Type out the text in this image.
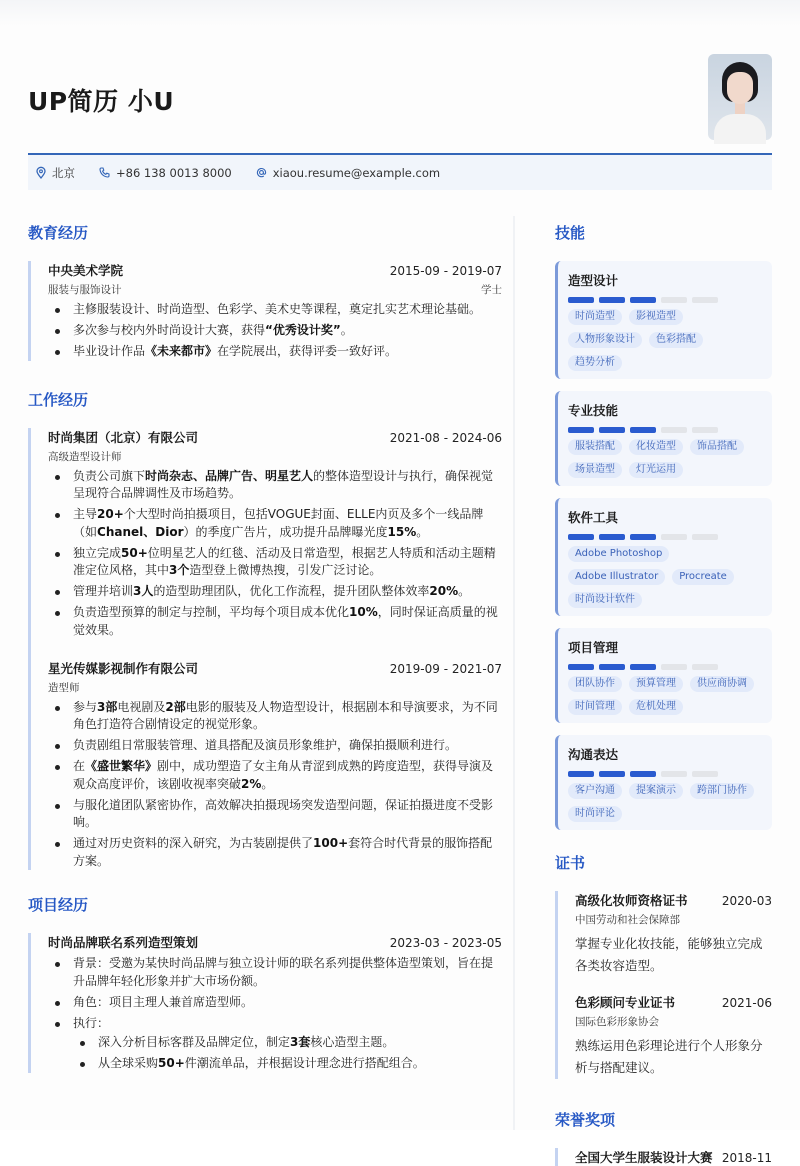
UP简历 小U
北京	+86 138 0013 8000	xiaou.resume@example.com
教育经历
中央美术学院	2015-09 - 2019-07
服装与服饰设计	学士
主修服装设计、时尚造型、色彩学、美术史等课程，奠定扎实艺术理论基础。
多次参与校内外时尚设计大赛，获得“优秀设计奖”。
毕业设计作品《未来都市》在学院展出，获得评委一致好评。
工作经历
时尚集团（北京）有限公司	2021-08 - 2024-06
高级造型设计师
负责公司旗下时尚杂志、品牌广告、明星艺人的整体造型设计与执行，确保视觉呈现符合品牌调性及市场趋势。
主导20+个大型时尚拍摄项目，包括VOGUE封面、ELLE内页及多个一线品牌（如Chanel、Dior）的季度广告片，成功提升品牌曝光度15%。
独立完成50+位明星艺人的红毯、活动及日常造型，根据艺人特质和活动主题精准定位风格，其中3个造型登上微博热搜，引发广泛讨论。
管理并培训3人的造型助理团队，优化工作流程，提升团队整体效率20%。
负责造型预算的制定与控制，平均每个项目成本优化10%，同时保证高质量的视觉效果。
星光传媒影视制作有限公司	2019-09 - 2021-07
造型师
参与3部电视剧及2部电影的服装及人物造型设计，根据剧本和导演要求，为不同角色打造符合剧情设定的视觉形象。
负责剧组日常服装管理、道具搭配及演员形象维护，确保拍摄顺利进行。
在《盛世繁华》剧中，成功塑造了女主角从青涩到成熟的跨度造型，获得导演及观众高度评价，该剧收视率突破2%。
与服化道团队紧密协作，高效解决拍摄现场突发造型问题，保证拍摄进度不受影响。
通过对历史资料的深入研究，为古装剧提供了100+套符合时代背景的服饰搭配方案。
项目经历
时尚品牌联名系列造型策划	2023-03 - 2023-05
背景：受邀为某快时尚品牌与独立设计师的联名系列提供整体造型策划，旨在提升品牌年轻化形象并扩大市场份额。
角色：项目主理人兼首席造型师。
执行：
深入分析目标客群及品牌定位，制定3套核心造型主题。
从全球采购50+件潮流单品，并根据设计理念进行搭配组合。
技能
造型设计
时尚造型	影视造型
人物形象设计	色彩搭配
趋势分析
专业技能
服装搭配	化妆造型	饰品搭配
场景造型	灯光运用
软件工具
Adobe Photoshop
Adobe Illustrator	Procreate
时尚设计软件
项目管理
团队协作	预算管理	供应商协调
时间管理	危机处理
沟通表达
客户沟通	提案演示	跨部门协作
时尚评论
证书
高级化妆师资格证书	2020-03
中国劳动和社会保障部
掌握专业化妆技能，能够独立完成各类妆容造型。
色彩顾问专业证书	2021-06
国际色彩形象协会
熟练运用色彩理论进行个人形象分析与搭配建议。
荣誉奖项
全国大学生服装设计大赛 2018-11
